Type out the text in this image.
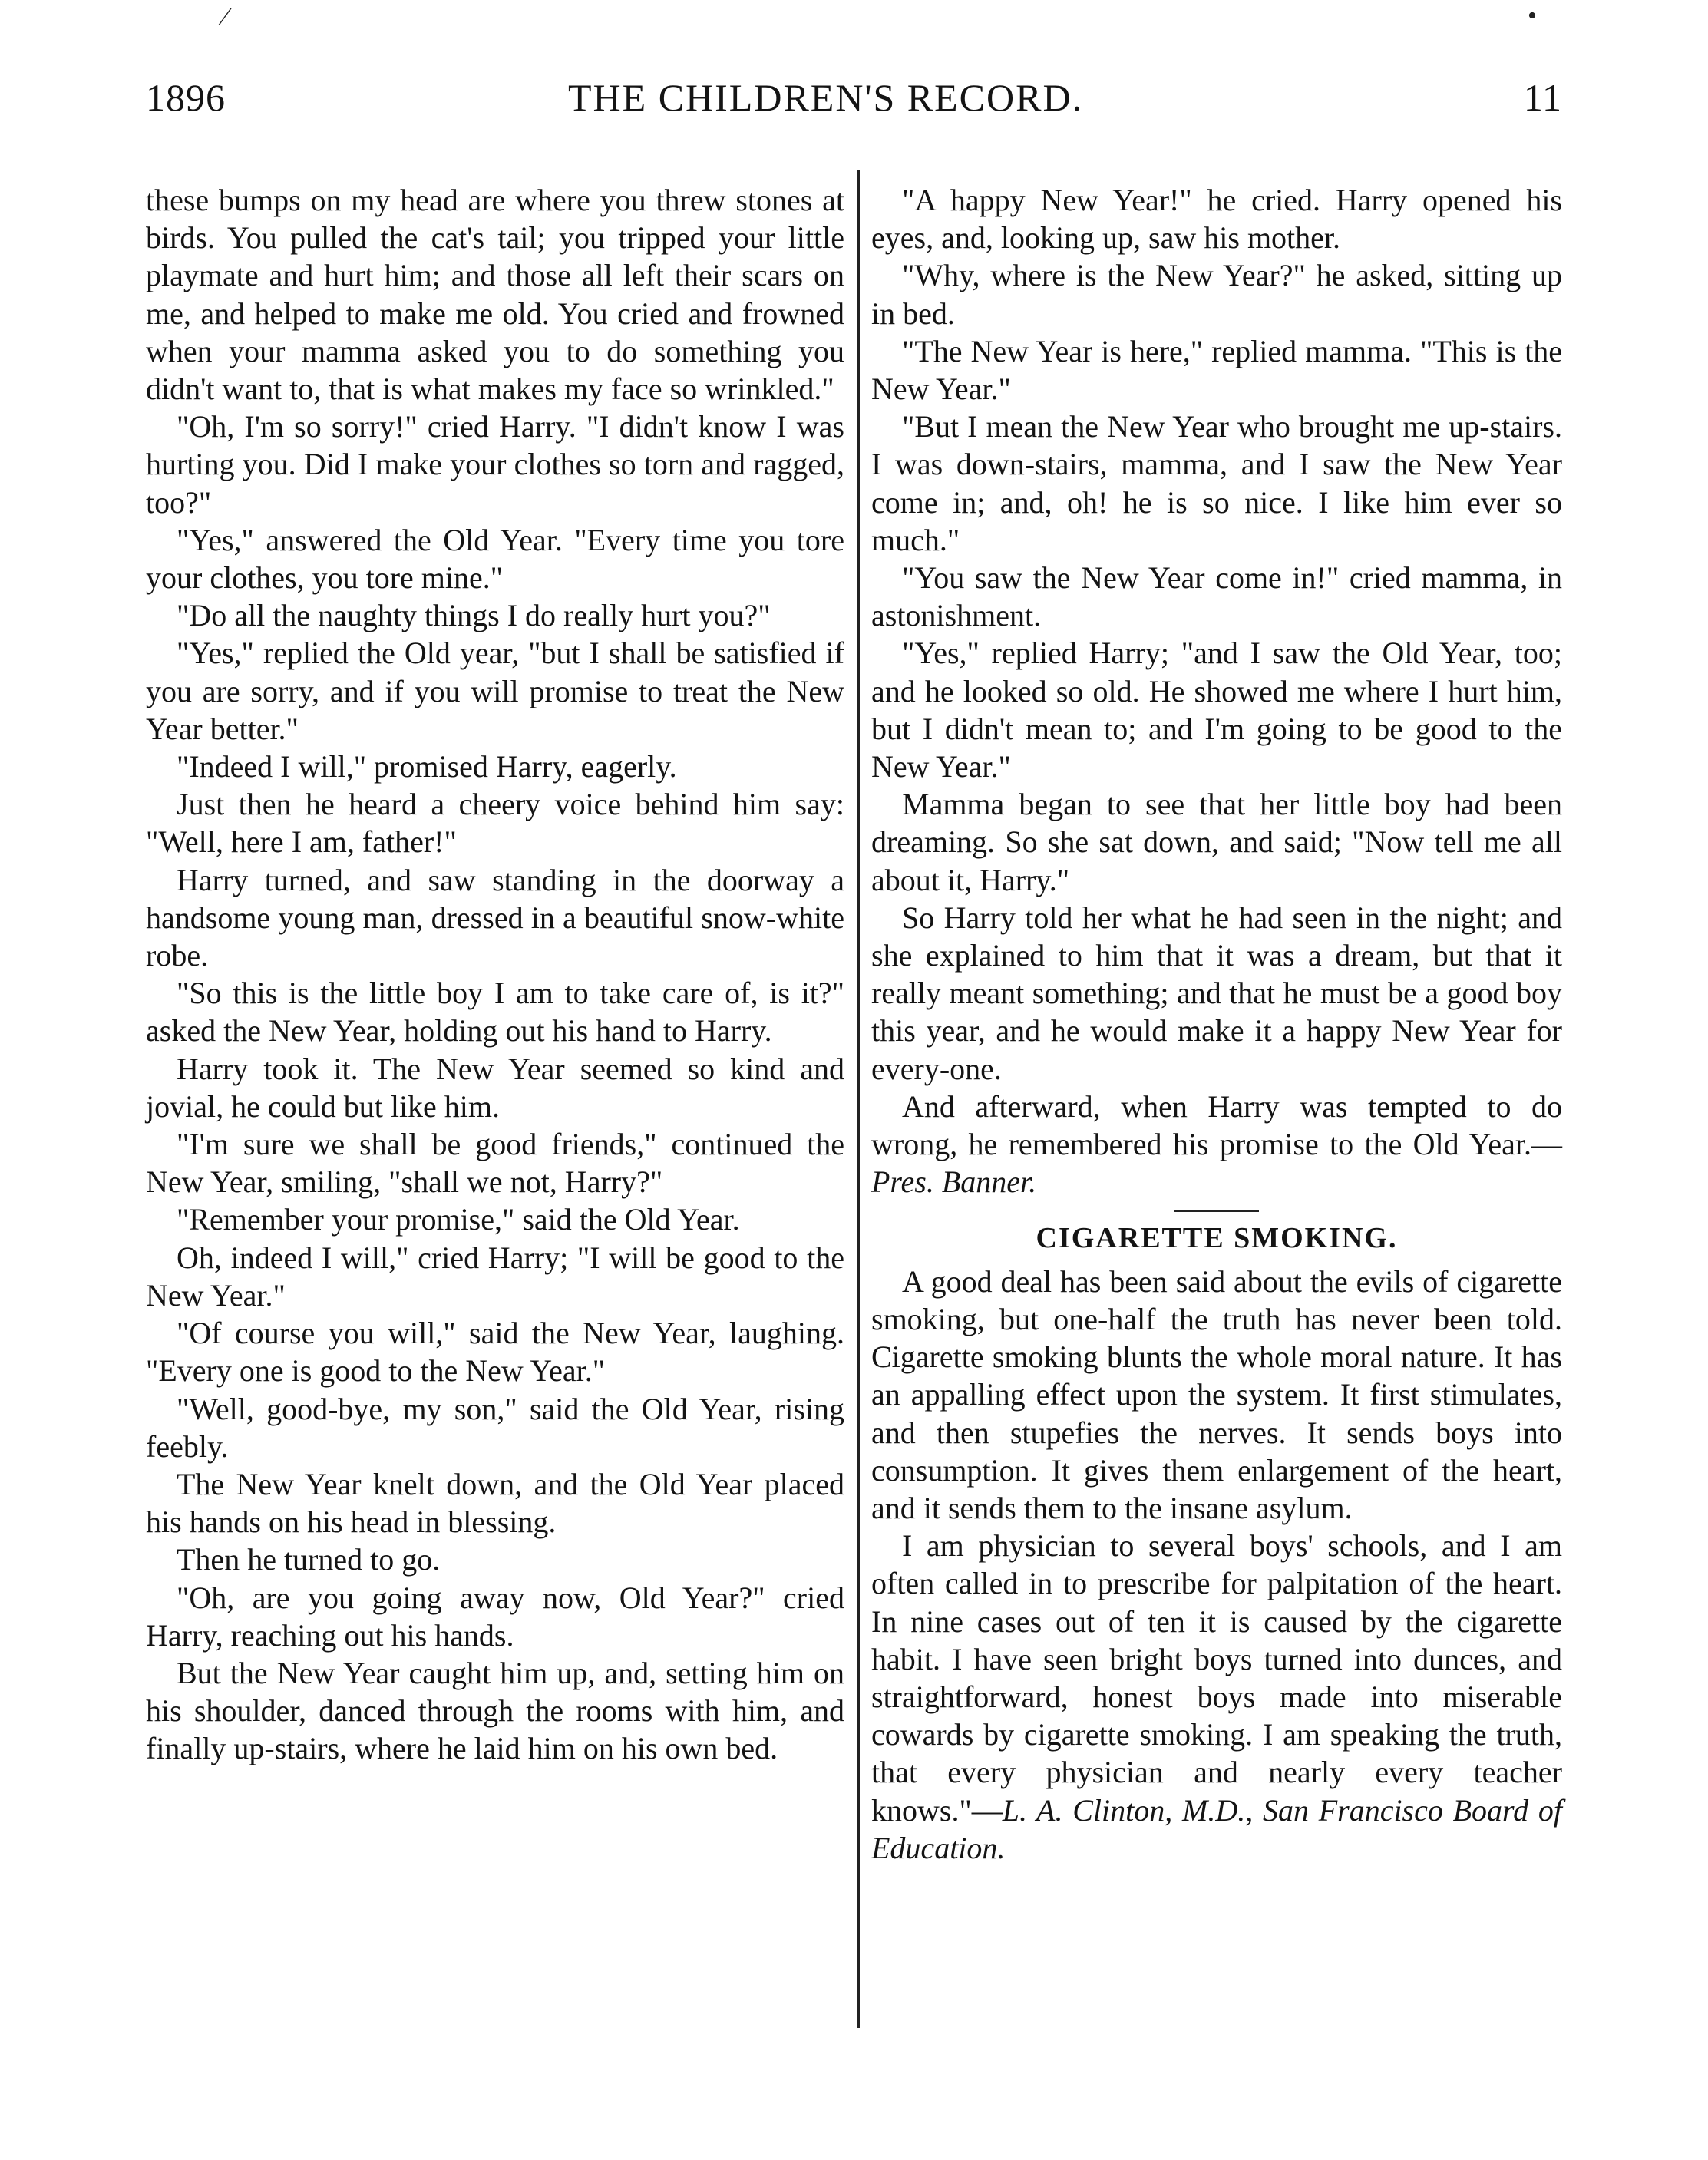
1896	THE CHILDREN'S RECORD.	11
⁄	•

these bumps on my head are where you threw stones at birds. You pulled the cat's tail; you tripped your little playmate and hurt him; and those all left their scars on me, and helped to make me old. You cried and frowned when your mamma asked you to do something you didn't want to, that is what makes my face so wrinkled."

"Oh, I'm so sorry!" cried Harry. "I didn't know I was hurting you. Did I make your clothes so torn and ragged, too?"

"Yes," answered the Old Year. "Every time you tore your clothes, you tore mine."

"Do all the naughty things I do really hurt you?"

"Yes," replied the Old year, "but I shall be satisfied if you are sorry, and if you will promise to treat the New Year better."

"Indeed I will," promised Harry, eagerly.

Just then he heard a cheery voice behind him say: "Well, here I am, father!"

Harry turned, and saw standing in the doorway a handsome young man, dressed in a beautiful snow-white robe.

"So this is the little boy I am to take care of, is it?" asked the New Year, holding out his hand to Harry.

Harry took it. The New Year seemed so kind and jovial, he could but like him.

"I'm sure we shall be good friends," continued the New Year, smiling, "shall we not, Harry?"

"Remember your promise," said the Old Year.

Oh, indeed I will," cried Harry; "I will be good to the New Year."

"Of course you will," said the New Year, laughing. "Every one is good to the New Year."

"Well, good-bye, my son," said the Old Year, rising feebly.

The New Year knelt down, and the Old Year placed his hands on his head in blessing.

Then he turned to go.

"Oh, are you going away now, Old Year?" cried Harry, reaching out his hands.

But the New Year caught him up, and, setting him on his shoulder, danced through the rooms with him, and finally up-stairs, where he laid him on his own bed.

"A happy New Year!" he cried. Harry opened his eyes, and, looking up, saw his mother.

"Why, where is the New Year?" he asked, sitting up in bed.

"The New Year is here," replied mamma. "This is the New Year."

"But I mean the New Year who brought me up-stairs. I was down-stairs, mamma, and I saw the New Year come in; and, oh! he is so nice. I like him ever so much."

"You saw the New Year come in!" cried mamma, in astonishment.

"Yes," replied Harry; "and I saw the Old Year, too; and he looked so old. He showed me where I hurt him, but I didn't mean to; and I'm going to be good to the New Year."

Mamma began to see that her little boy had been dreaming. So she sat down, and said; "Now tell me all about it, Harry."

So Harry told her what he had seen in the night; and she explained to him that it was a dream, but that it really meant something; and that he must be a good boy this year, and he would make it a happy New Year for every-one.

And afterward, when Harry was tempted to do wrong, he remembered his promise to the Old Year.—Pres. Banner.

CIGARETTE SMOKING.

A good deal has been said about the evils of cigarette smoking, but one-half the truth has never been told. Cigarette smoking blunts the whole moral nature. It has an appalling effect upon the system. It first stimulates, and then stupefies the nerves. It sends boys into consumption. It gives them enlargement of the heart, and it sends them to the insane asylum.

I am physician to several boys' schools, and I am often called in to prescribe for palpitation of the heart. In nine cases out of ten it is caused by the cigarette habit. I have seen bright boys turned into dunces, and straightforward, honest boys made into miserable cowards by cigarette smoking. I am speaking the truth, that every physician and nearly every teacher knows."—L. A. Clinton, M.D., San Francisco Board of Education.
